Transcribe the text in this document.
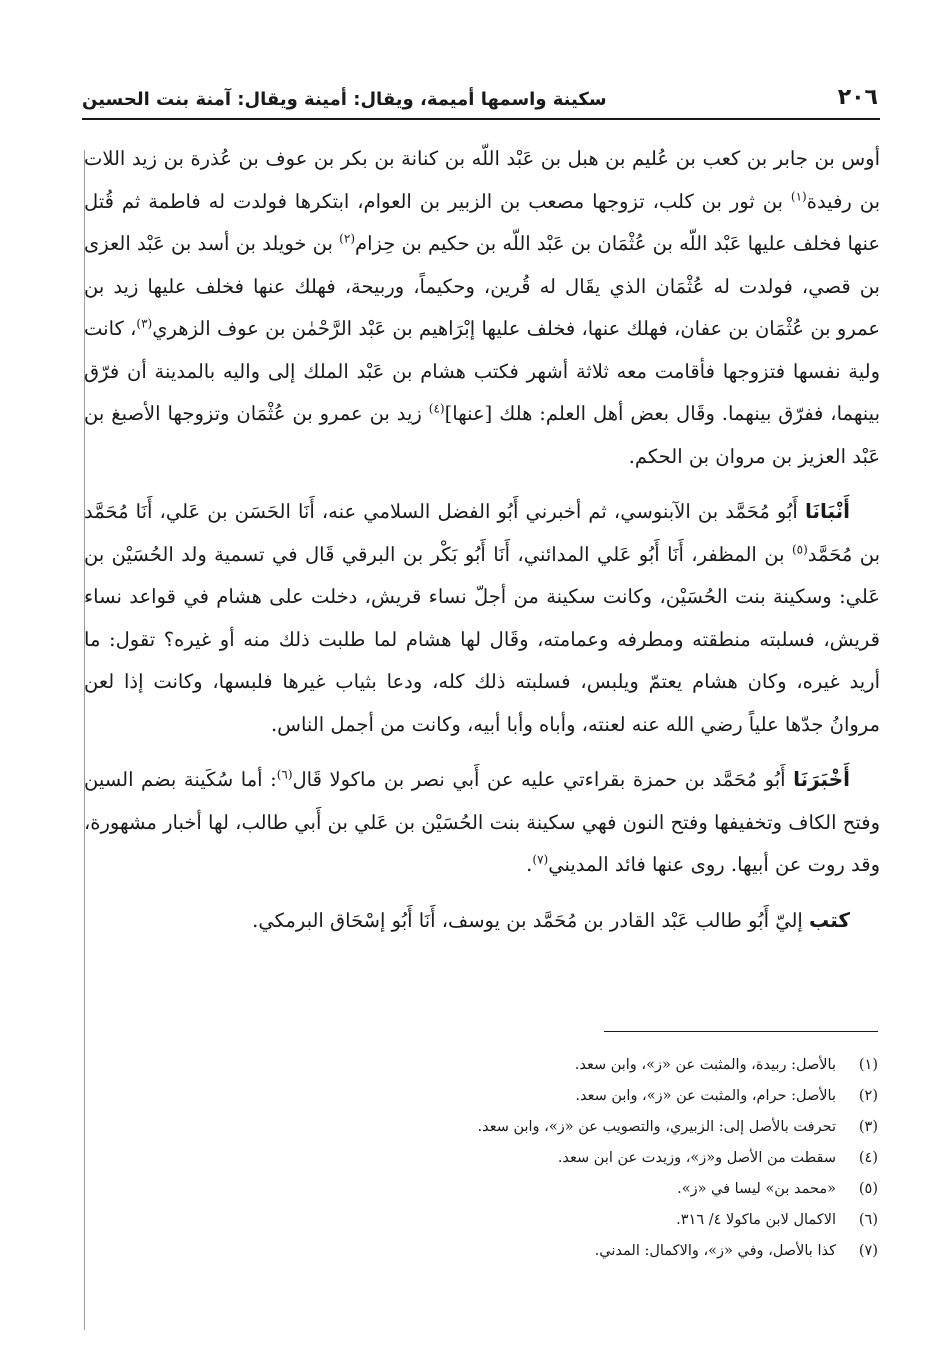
٢٠٦
سكينة واسمها أميمة، ويقال: أمينة ويقال: آمنة بنت الحسين

أوس بن جابر بن كعب بن عُليم بن هبل بن عَبْد اللّه بن كنانة بن بكر بن عوف بن عُذرة بن زيد اللات بن رفيدة$^{(١)}$ بن ثور بن كلب، تزوجها مصعب بن الزبير بن العوام، ابتكرها فولدت له فاطمة ثم قُتل عنها فخلف عليها عَبْد اللّه بن عُثْمَان بن عَبْد اللّه بن حكيم بن حِزام$^{(٢)}$ بن خويلد بن أسد بن عَبْد العزى بن قصي، فولدت له عُثْمَان الذي يقَال له قُرين، وحكيماً، وربيحة، فهلك عنها فخلف عليها زيد بن عمرو بن عُثْمَان بن عفان، فهلك عنها، فخلف عليها إبْرَاهيم بن عَبْد الرَّحْمٰن بن عوف الزهري$^{(٣)}$، كانت ولية نفسها فتزوجها فأقامت معه ثلاثة أشهر فكتب هشام بن عَبْد الملك إلى واليه بالمدينة أن فرّق بينهما، ففرّق بينهما. وقَال بعض أهل العلم: هلك [عنها]$^{(٤)}$ زيد بن عمرو بن عُثْمَان وتزوجها الأصبغ بن عَبْد العزيز بن مروان بن الحكم.

أَنْبَانَا أَبُو مُحَمَّد بن الآبنوسي، ثم أخبرني أَبُو الفضل السلامي عنه، أَنَا الحَسَن بن عَلي، أَنَا مُحَمَّد بن مُحَمَّد$^{(٥)}$ بن المظفر، أَنَا أَبُو عَلي المدائني، أَنَا أَبُو بَكْر بن البرقي قَال في تسمية ولد الحُسَيْن بن عَلي: وسكينة بنت الحُسَيْن، وكانت سكينة من أجلّ نساء قريش، دخلت على هشام في قواعد نساء قريش، فسلبته منطقته ومطرفه وعمامته، وقَال لها هشام لما طلبت ذلك منه أو غيره؟ تقول: ما أريد غيره، وكان هشام يعتمّ ويلبس، فسلبته ذلك كله، ودعا بثياب غيرها فلبسها، وكانت إذا لعن مروانُ جدّها علياً رضي الله عنه لعنته، وأباه وأبا أبيه، وكانت من أجمل الناس.

أَخْبَرَنَا أَبُو مُحَمَّد بن حمزة بقراءتي عليه عن أَبي نصر بن ماكولا قَال$^{(٦)}$: أما سُكَينة بضم السين وفتح الكاف وتخفيفها وفتح النون فهي سكينة بنت الحُسَيْن بن عَلي بن أَبي طالب، لها أخبار مشهورة، وقد روت عن أبيها. روى عنها فائد المديني$^{(٧)}$.

كتب إليّ أَبُو طالب عَبْد القادر بن مُحَمَّد بن يوسف، أَنَا أَبُو إسْحَاق البرمكي.

(١)
بالأصل: ربيدة، والمثبت عن «ز»، وابن سعد.
(٢)
بالأصل: حرام، والمثبت عن «ز»، وابن سعد.
(٣)
تحرفت بالأصل إلى: الزبيري، والتصويب عن «ز»، وابن سعد.
(٤)
سقطت من الأصل و«ز»، وزيدت عن ابن سعد.
(٥)
«محمد بن» ليسا في «ز».
(٦)
الاكمال لابن ماكولا ٤/ ٣١٦.
(٧)
كذا بالأصل، وفي «ز»، والاكمال: المدني.
